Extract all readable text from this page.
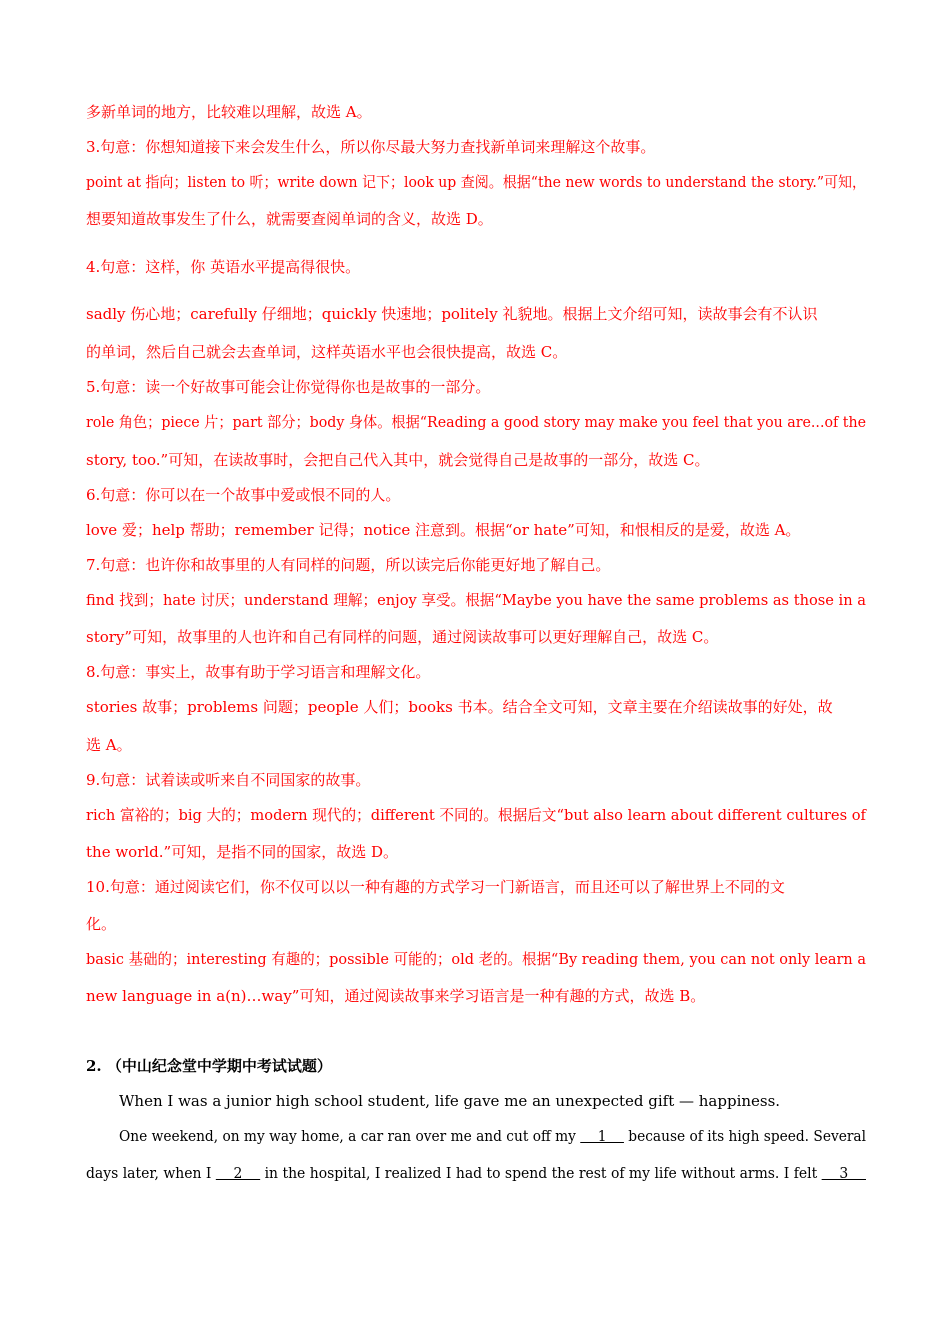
多新单词的地方，比较难以理解，故选 A。
3.句意：你想知道接下来会发生什么，所以你尽最大努力查找新单词来理解这个故事。
point at 指向；listen to 听；write down 记下；look up 查阅。根据“the new words to understand the story.”可知，
想要知道故事发生了什么，就需要查阅单词的含义，故选 D。
4.句意：这样，你 英语水平提高得很快。
sadly 伤心地；carefully 仔细地；quickly 快速地；politely 礼貌地。根据上文介绍可知，读故事会有不认识
的单词，然后自己就会去查单词，这样英语水平也会很快提高，故选 C。
5.句意：读一个好故事可能会让你觉得你也是故事的一部分。
role 角色；piece 片；part 部分；body 身体。根据“Reading a good story may make you feel that you are...of the
story, too.”可知，在读故事时，会把自己代入其中，就会觉得自己是故事的一部分，故选 C。
6.句意：你可以在一个故事中爱或恨不同的人。
love 爱；help 帮助；remember 记得；notice 注意到。根据“or hate”可知，和恨相反的是爱，故选 A。
7.句意：也许你和故事里的人有同样的问题，所以读完后你能更好地了解自己。
find 找到；hate 讨厌；understand 理解；enjoy 享受。根据“Maybe you have the same problems as those in a
story”可知，故事里的人也许和自己有同样的问题，通过阅读故事可以更好理解自己，故选 C。
8.句意：事实上，故事有助于学习语言和理解文化。
stories 故事；problems 问题；people 人们；books 书本。结合全文可知，文章主要在介绍读故事的好处，故
选 A。
9.句意：试着读或听来自不同国家的故事。
rich 富裕的；big 大的；modern 现代的；different 不同的。根据后文“but also learn about different cultures of
the world.”可知，是指不同的国家，故选 D。
10.句意：通过阅读它们，你不仅可以以一种有趣的方式学习一门新语言，而且还可以了解世界上不同的文
化。
basic 基础的；interesting 有趣的；possible 可能的；old 老的。根据“By reading them, you can not only learn a
new language in a(n)…way”可知，通过阅读故事来学习语言是一种有趣的方式，故选 B。
2. （中山纪念堂中学期中考试试题）
When I was a junior high school student, life gave me an unexpected gift — happiness.
One weekend, on my way home, a car ran over me and cut off my     1     because of its high speed. Several
days later, when I     2     in the hospital, I realized I had to spend the rest of my life without arms. I felt     3
